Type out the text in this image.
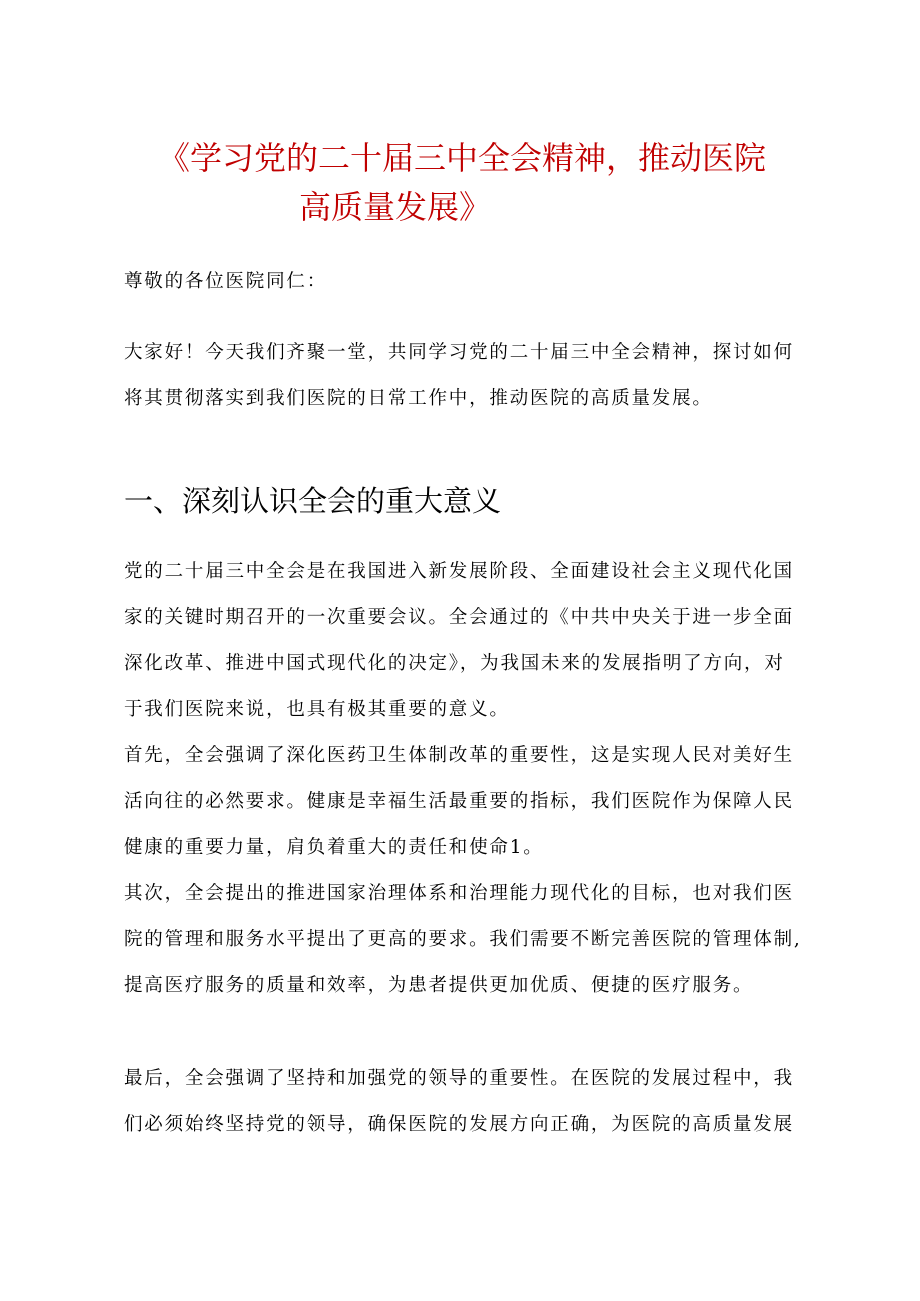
《学习党的二十届三中全会精神，推动医院
高质量发展》

尊敬的各位医院同仁：

大家好！今天我们齐聚一堂，共同学习党的二十届三中全会精神，探讨如何
将其贯彻落实到我们医院的日常工作中，推动医院的高质量发展。

一、深刻认识全会的重大意义

党的二十届三中全会是在我国进入新发展阶段、全面建设社会主义现代化国
家的关键时期召开的一次重要会议。全会通过的《中共中央关于进一步全面
深化改革、推进中国式现代化的决定》，为我国未来的发展指明了方向，对
于我们医院来说，也具有极其重要的意义。

首先，全会强调了深化医药卫生体制改革的重要性，这是实现人民对美好生
活向往的必然要求。健康是幸福生活最重要的指标，我们医院作为保障人民
健康的重要力量，肩负着重大的责任和使命1。

其次，全会提出的推进国家治理体系和治理能力现代化的目标，也对我们医
院的管理和服务水平提出了更高的要求。我们需要不断完善医院的管理体制,
提高医疗服务的质量和效率，为患者提供更加优质、便捷的医疗服务。

最后，全会强调了坚持和加强党的领导的重要性。在医院的发展过程中，我
们必须始终坚持党的领导，确保医院的发展方向正确，为医院的高质量发展
